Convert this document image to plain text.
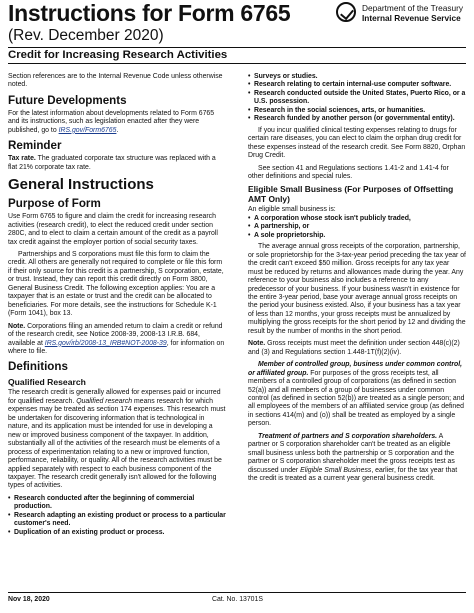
Instructions for Form 6765
(Rev. December 2020)
Credit for Increasing Research Activities
Department of the Treasury
Internal Revenue Service

Section references are to the Internal Revenue Code unless otherwise noted.

Future Developments

For the latest information about developments related to Form 6765 and its instructions, such as legislation enacted after they were published, go to IRS.gov/Form6765.

Reminder

Tax rate. The graduated corporate tax structure was replaced with a flat 21% corporate tax rate.

General Instructions
Purpose of Form

Use Form 6765 to figure and claim the credit for increasing research activities (research credit), to elect the reduced credit under section 280C, and to elect to claim a certain amount of the credit as a payroll tax credit against the employer portion of social security taxes.

Partnerships and S corporations must file this form to claim the credit. All others are generally not required to complete or file this form if their only source for this credit is a partnership, S corporation, estate, or trust. Instead, they can report this credit directly on Form 3800, General Business Credit. The following exception applies: You are a taxpayer that is an estate or trust and the credit can be allocated to beneficiaries. For more details, see the instructions for Schedule K-1 (Form 1041), box 13.

Note. Corporations filing an amended return to claim a credit or refund of the research credit, see Notice 2008-39, 2008-13 I.R.B. 684, available at IRS.gov/irb/2008-13_IRB#NOT-2008-39, for information on where to file.

Definitions
Qualified Research

The research credit is generally allowed for expenses paid or incurred for qualified research. Qualified research means research for which expenses may be treated as section 174 expenses. This research must be undertaken for discovering information that is technological in nature, and its application must be intended for use in developing a new or improved business component of the taxpayer. In addition, substantially all of the activities of the research must be elements of a process of experimentation relating to a new or improved function, performance, reliability, or quality. All of the research activities must be applied separately with respect to each business component of the taxpayer. The research credit generally isn't allowed for the following types of activities.

• Research conducted after the beginning of commercial production.
• Research adapting an existing product or process to a particular customer's need.
• Duplication of an existing product or process.
• Surveys or studies.
• Research relating to certain internal-use computer software.
• Research conducted outside the United States, Puerto Rico, or a U.S. possession.
• Research in the social sciences, arts, or humanities.
• Research funded by another person (or governmental entity).

If you incur qualified clinical testing expenses relating to drugs for certain rare diseases, you can elect to claim the orphan drug credit for these expenses instead of the research credit. See Form 8820, Orphan Drug Credit.

See section 41 and Regulations sections 1.41-2 and 1.41-4 for other definitions and special rules.

Eligible Small Business (For Purposes of Offsetting AMT Only)

An eligible small business is:

• A corporation whose stock isn't publicly traded,
• A partnership, or
• A sole proprietorship.

The average annual gross receipts of the corporation, partnership, or sole proprietorship for the 3-tax-year period preceding the tax year of the credit can't exceed $50 million. Gross receipts for any tax year must be reduced by returns and allowances made during the year. Any reference to your business also includes a reference to any predecessor of your business. If your business wasn't in existence for the entire 3-year period, base your average annual gross receipts on the period your business existed. Also, if your business has a tax year of less than 12 months, your gross receipts must be annualized by multiplying the gross receipts for the short period by 12 and dividing the result by the number of months in the short period.

Note. Gross receipts must meet the definition under section 448(c)(2) and (3) and Regulations section 1.448-1T(f)(2)(iv).

Member of controlled group, business under common control, or affiliated group. For purposes of the gross receipts test, all members of a controlled group of corporations (as defined in section 52(a)) and all members of a group of businesses under common control (as defined in section 52(b)) are treated as a single person; and all employees of the members of an affiliated service group (as defined in sections 414(m) and (o)) shall be treated as employed by a single person.

Treatment of partners and S corporation shareholders. A partner or S corporation shareholder can't be treated as an eligible small business unless both the partnership or S corporation and the partner or S corporation shareholder meet the gross receipts test as discussed under Eligible Small Business, earlier, for the tax year that the credit is treated as a current year general business credit.

Nov 18, 2020	Cat. No. 13701S
